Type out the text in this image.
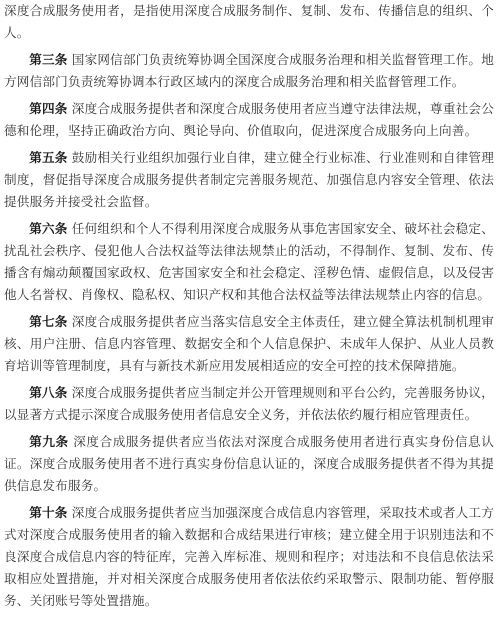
深度合成服务使用者，是指使用深度合成服务制作、复制、发布、传播信息的组织、个人。

第三条 国家网信部门负责统筹协调全国深度合成服务治理和相关监督管理工作。地方网信部门负责统筹协调本行政区域内的深度合成服务治理和相关监督管理工作。

第四条 深度合成服务提供者和深度合成服务使用者应当遵守法律法规，尊重社会公德和伦理，坚持正确政治方向、舆论导向、价值取向，促进深度合成服务向上向善。

第五条 鼓励相关行业组织加强行业自律，建立健全行业标准、行业准则和自律管理制度，督促指导深度合成服务提供者制定完善服务规范、加强信息内容安全管理、依法提供服务并接受社会监督。

第六条 任何组织和个人不得利用深度合成服务从事危害国家安全、破坏社会稳定、扰乱社会秩序、侵犯他人合法权益等法律法规禁止的活动，不得制作、复制、发布、传播含有煽动颠覆国家政权、危害国家安全和社会稳定、淫秽色情、虚假信息，以及侵害他人名誉权、肖像权、隐私权、知识产权和其他合法权益等法律法规禁止内容的信息。

第七条 深度合成服务提供者应当落实信息安全主体责任，建立健全算法机制机理审核、用户注册、信息内容管理、数据安全和个人信息保护、未成年人保护、从业人员教育培训等管理制度，具有与新技术新应用发展相适应的安全可控的技术保障措施。

第八条 深度合成服务提供者应当制定并公开管理规则和平台公约，完善服务协议，以显著方式提示深度合成服务使用者信息安全义务，并依法依约履行相应管理责任。

第九条 深度合成服务提供者应当依法对深度合成服务使用者进行真实身份信息认证。深度合成服务使用者不进行真实身份信息认证的，深度合成服务提供者不得为其提供信息发布服务。

第十条 深度合成服务提供者应当加强深度合成信息内容管理，采取技术或者人工方式对深度合成服务使用者的输入数据和合成结果进行审核；建立健全用于识别违法和不良深度合成信息内容的特征库，完善入库标准、规则和程序；对违法和不良信息依法采取相应处置措施，并对相关深度合成服务使用者依法依约采取警示、限制功能、暂停服务、关闭账号等处置措施。
